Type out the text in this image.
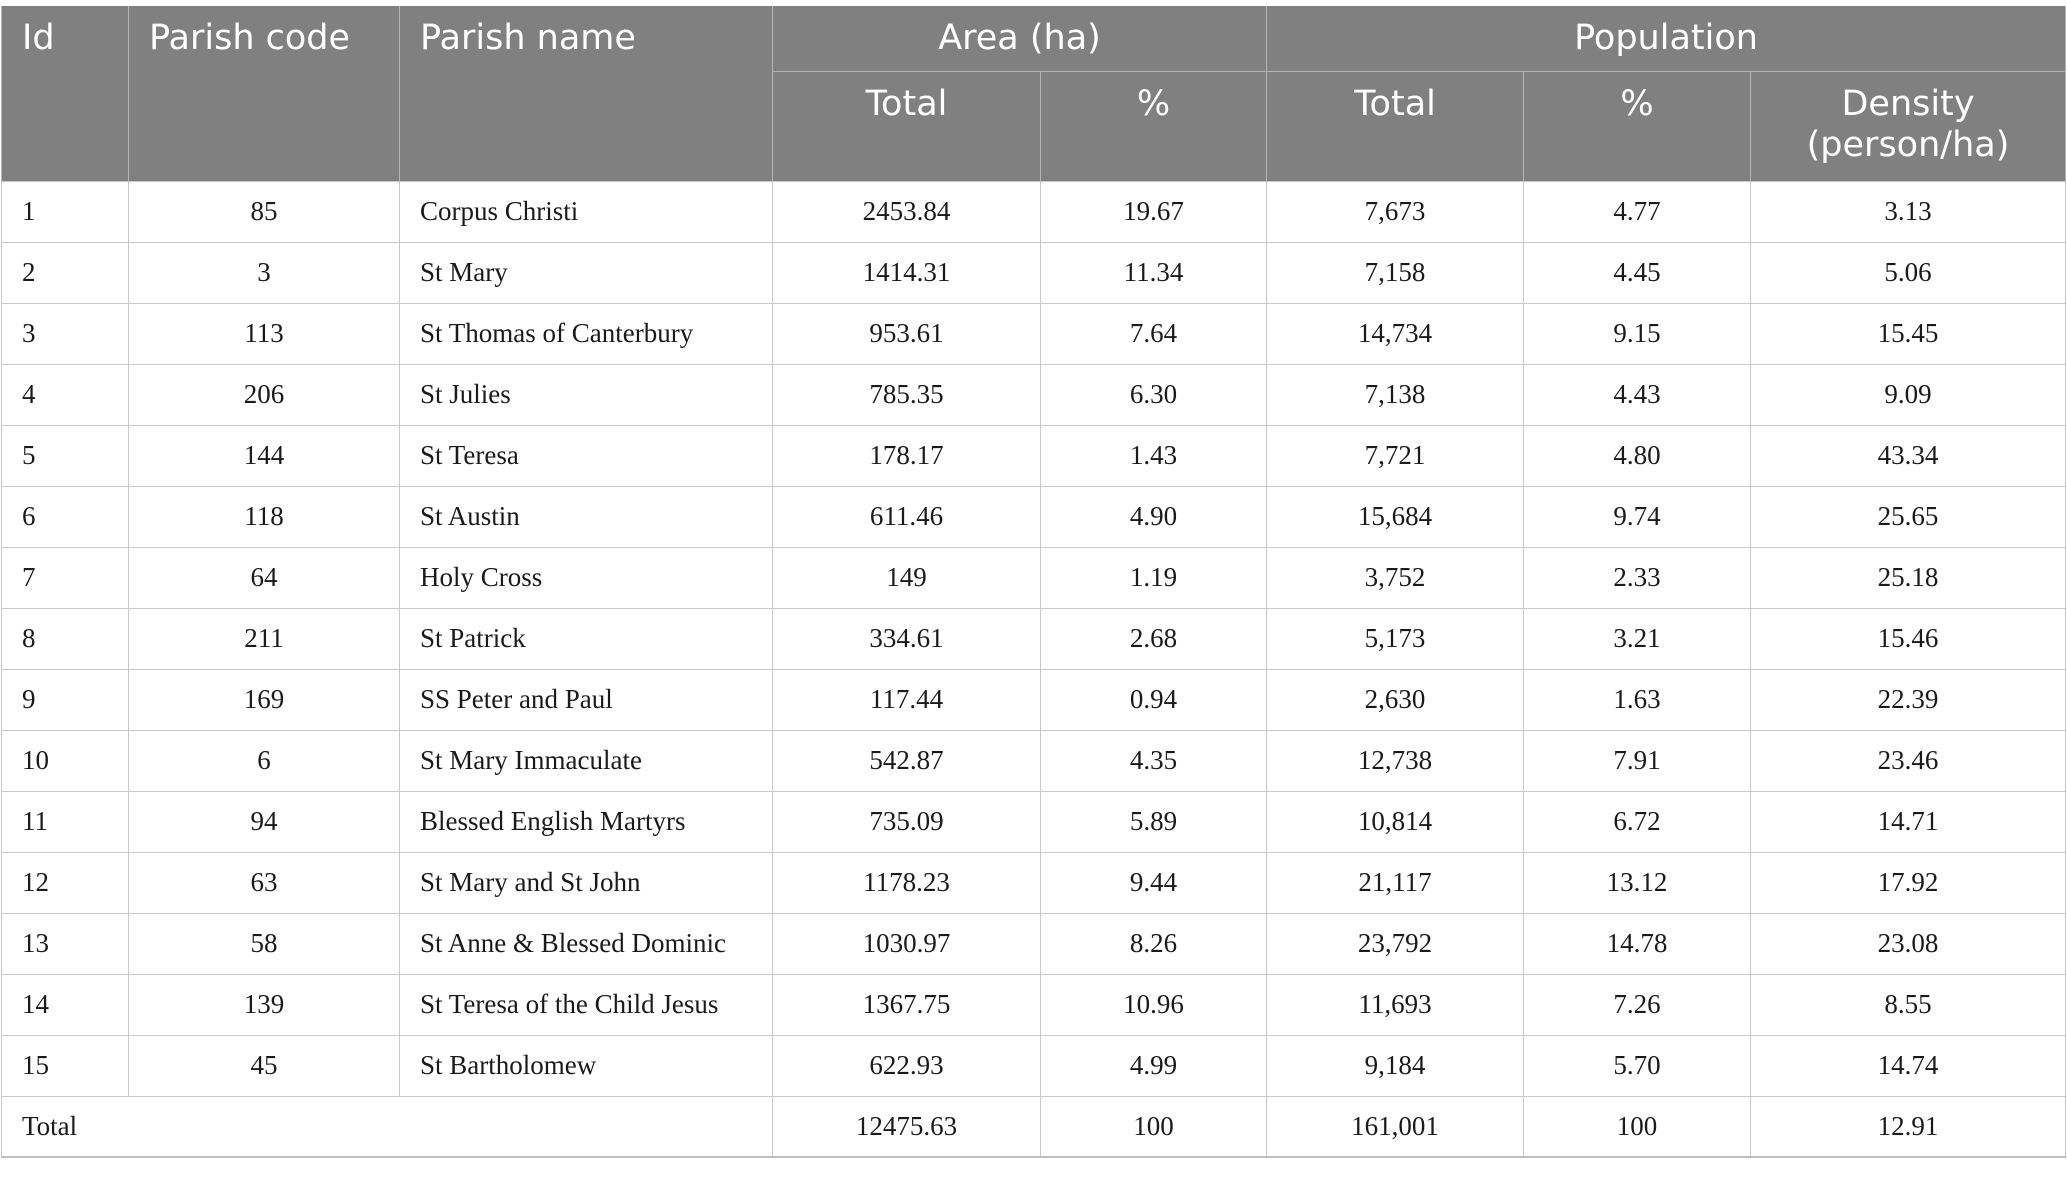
Id	Parish code	Parish name	Area (ha)		Population		
			Total	%	Total	%	Density
(person/ha)
1	85	Corpus Christi	2453.84	19.67	7,673	4.77	3.13
2	3	St Mary	1414.31	11.34	7,158	4.45	5.06
3	113	St Thomas of Canterbury	953.61	7.64	14,734	9.15	15.45
4	206	St Julies	785.35	6.30	7,138	4.43	9.09
5	144	St Teresa	178.17	1.43	7,721	4.80	43.34
6	118	St Austin	611.46	4.90	15,684	9.74	25.65
7	64	Holy Cross	149	1.19	3,752	2.33	25.18
8	211	St Patrick	334.61	2.68	5,173	3.21	15.46
9	169	SS Peter and Paul	117.44	0.94	2,630	1.63	22.39
10	6	St Mary Immaculate	542.87	4.35	12,738	7.91	23.46
11	94	Blessed English Martyrs	735.09	5.89	10,814	6.72	14.71
12	63	St Mary and St John	1178.23	9.44	21,117	13.12	17.92
13	58	St Anne & Blessed Dominic	1030.97	8.26	23,792	14.78	23.08
14	139	St Teresa of the Child Jesus	1367.75	10.96	11,693	7.26	8.55
15	45	St Bartholomew	622.93	4.99	9,184	5.70	14.74
Total			12475.63	100	161,001	100	12.91
